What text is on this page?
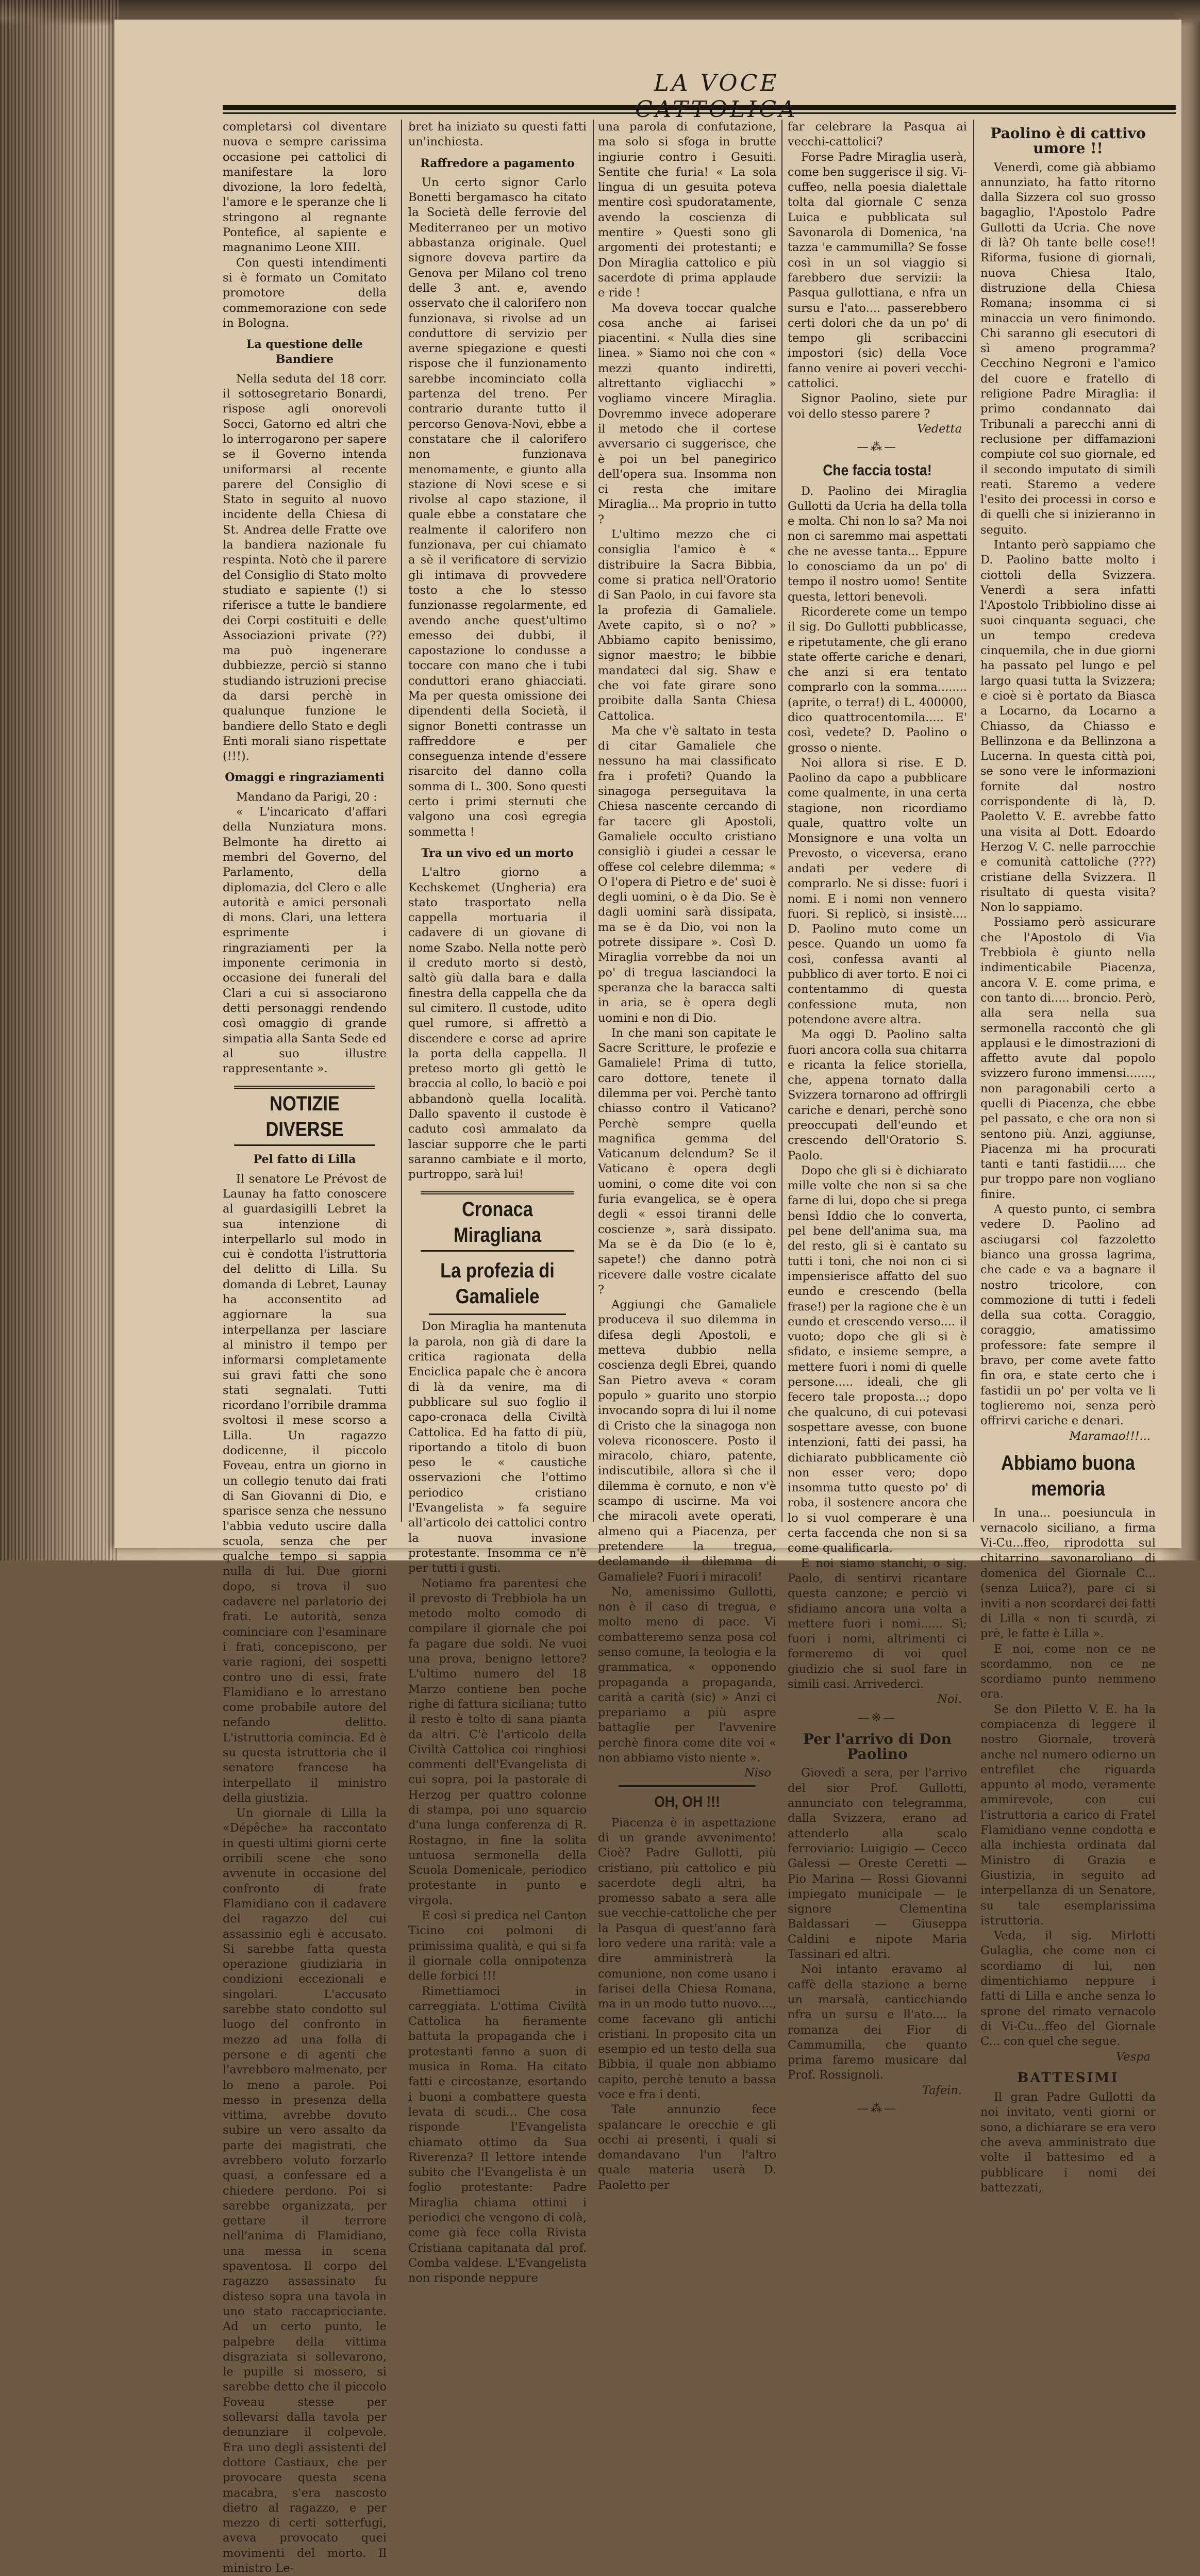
LA VOCE

completarsi col diventare nuova e sempre carissima occasione pei cattolici di manifestare la loro divozione, la loro fedeltà, l'amore e le speranze che li stringono al regnante Pontefice, al sapiente e magnanimo Leone XIII.

Con questi intendimenti si è formato un Comitato promotore della commemorazione con sede in Bologna.

La questione delle Bandiere

Nella seduta del 18 corr. il sottosegretario Bonardi, rispose agli onorevoli Socci, Gatorno ed altri che lo interrogarono per sapere se il Governo intenda uniformarsi al recente parere del Consiglio di Stato in seguito al nuovo incidente della Chiesa di St. Andrea delle Fratte ove la bandiera nazionale fu respinta. Notò che il parere del Consiglio di Stato molto studiato e sapiente (!) si riferisce a tutte le bandiere dei Corpi costituiti e delle Associazioni private (??) ma può ingenerare dubbiezze, perciò si stanno studiando istruzioni precise da darsi perchè in qualunque funzione le bandiere dello Stato e degli Enti morali siano rispettate (!!!).

Omaggi e ringraziamenti

Mandano da Parigi, 20 :

« L'incaricato d'affari della Nunziatura mons. Belmonte ha diretto ai membri del Governo, del Parlamento, della diplomazia, del Clero e alle autorità e amici personali di mons. Clari, una lettera esprimente i ringraziamenti per la imponente cerimonia in occasione dei funerali del Clari a cui si associarono detti personaggi rendendo così omaggio di grande simpatia alla Santa Sede ed al suo illustre rappresentante ».

NOTIZIE DIVERSE
Pel fatto di Lilla

Il senatore Le Prévost de Launay ha fatto conoscere al guardasigilli Lebret la sua intenzione di interpellarlo sul modo in cui è condotta l'istruttoria del delitto di Lilla. Su domanda di Lebret, Launay ha acconsentito ad aggiornare la sua interpellanza per lasciare al ministro il tempo per informarsi completamente sui gravi fatti che sono stati segnalati. Tutti ricordano l'orribile dramma svoltosi il mese scorso a Lilla. Un ragazzo dodicenne, il piccolo Foveau, entra un giorno in un collegio tenuto dai frati di San Giovanni di Dio, e sparisce senza che nessuno l'abbia veduto uscire dalla scuola, senza che per qualche tempo si sappia nulla di lui. Due giorni dopo, si trova il suo cadavere nel parlatorio dei frati. Le autorità, senza cominciare con l'esaminare i frati, concepiscono, per varie ragioni, dei sospetti contro uno di essi, frate Flamidiano e lo arrestano come probabile autore del nefando delitto. L'istruttoria comincia. Ed è su questa istruttoria che il senatore francese ha interpellato il ministro della giustizia.

Un giornale di Lilla la «Dépêche» ha raccontato in questi ultimi giorni certe orribili scene che sono avvenute in occasione del confronto di frate Flamidiano con il cadavere del ragazzo del cui assassinio egli è accusato. Si sarebbe fatta questa operazione giudiziaria in condizioni eccezionali e singolari. L'accusato sarebbe stato condotto sul luogo del confronto in mezzo ad una folla di persone e di agenti che l'avrebbero malmenato, per lo meno a parole. Poi messo in presenza della vittima, avrebbe dovuto subire un vero assalto da parte dei magistrati, che avrebbero voluto forzarlo quasi, a confessare ed a chiedere perdono. Poi si sarebbe organizzata, per gettare il terrore nell'anima di Flamidiano, una messa in scena spaventosa. Il corpo del ragazzo assassinato fu disteso sopra una tavola in uno stato raccapricciante. Ad un certo punto, le palpebre della vittima disgraziata si sollevarono, le pupille si mossero, si sarebbe detto che il piccolo Foveau stesse per sollevarsi dalla tavola per denunziare il colpevole. Era uno degli assistenti del dottore Castiaux, che per provocare questa scena macabra, s'era nascosto dietro al ragazzo, e per mezzo di certi sotterfugi, aveva provocato quei movimenti del morto. Il ministro Le-

bret ha iniziato su questi fatti un'inchiesta.

Raffredore a pagamento

Un certo signor Carlo Bonetti bergamasco ha citato la Società delle ferrovie del Mediterraneo per un motivo abbastanza originale. Quel signore doveva partire da Genova per Milano col treno delle 3 ant. e, avendo osservato che il calorifero non funzionava, si rivolse ad un conduttore di servizio per averne spiegazione e questi rispose che il funzionamento sarebbe incominciato colla partenza del treno. Per contrario durante tutto il percorso Genova-Novi, ebbe a constatare che il calorifero non funzionava menomamente, e giunto alla stazione di Novi scese e si rivolse al capo stazione, il quale ebbe a constatare che realmente il calorifero non funzionava, per cui chiamato a sè il verificatore di servizio gli intimava di provvedere tosto a che lo stesso funzionasse regolarmente, ed avendo anche quest'ultimo emesso dei dubbi, il capostazione lo condusse a toccare con mano che i tubi conduttori erano ghiacciati. Ma per questa omissione dei dipendenti della Società, il signor Bonetti contrasse un raffreddore e per conseguenza intende d'essere risarcito del danno colla somma di L. 300. Sono questi certo i primi sternuti che valgono una così egregia sommetta !

Tra un vivo ed un morto

L'altro giorno a Kechskemet (Ungheria) era stato trasportato nella cappella mortuaria il cadavere di un giovane di nome Szabo. Nella notte però il creduto morto si destò, saltò giù dalla bara e dalla finestra della cappella che da sul cimitero. Il custode, udito quel rumore, si affrettò a discendere e corse ad aprire la porta della cappella. Il preteso morto gli gettò le braccia al collo, lo baciò e poi abbandonò quella località. Dallo spavento il custode è caduto così ammalato da lasciar supporre che le parti saranno cambiate e il morto, purtroppo, sarà lui!

Cronaca Miragliana
La profezia di Gamaliele

Don Miraglia ha mantenuta la parola, non già di dare la critica ragionata della Enciclica papale che è ancora di là da venire, ma di pubblicare sul suo foglio il capo-cronaca della Civiltà Cattolica. Ed ha fatto di più, riportando a titolo di buon peso le « caustiche osservazioni che l'ottimo periodico cristiano l'Evangelista » fa seguire all'articolo dei cattolici contro la nuova invasione protestante. Insomma ce n'è per tutti i gusti.

Notiamo fra parentesi che il prevosto di Trebbiola ha un metodo molto comodo di compilare il giornale che poi fa pagare due soldi. Ne vuoi una prova, benigno lettore? L'ultimo numero del 18 Marzo contiene ben poche righe di fattura siciliana; tutto il resto è tolto di sana pianta da altri. C'è l'articolo della Civiltà Cattolica coi ringhiosi commenti dell'Evangelista di cui sopra, poi la pastorale di Herzog per quattro colonne di stampa, poi uno squarcio d'una lunga conferenza di R. Rostagno, in fine la solita untuosa sermonella della Scuola Domenicale, periodico protestante in punto e virgola.

E così si predica nel Canton Ticino coi polmoni di primissima qualità, e qui si fa il giornale colla onnipotenza delle forbici !!!

Rimettiamoci in carreggiata. L'ottima Civiltà Cattolica ha fieramente battuta la propaganda che i protestanti fanno a suon di musica in Roma. Ha citato fatti e circostanze, esortando i buoni a combattere questa levata di scudi... Che cosa risponde l'Evangelista chiamato ottimo da Sua Riverenza? Il lettore intende subito che l'Evangelista è un foglio protestante: Padre Miraglia chiama ottimi i periodici che vengono di colà, come già fece colla Rivista Cristiana capitanata dal prof. Comba valdese. L'Evangelista non risponde neppure

una parola di confutazione, ma solo si sfoga in brutte ingiurie contro i Gesuiti. Sentite che furia! « La sola lingua di un gesuita poteva mentire così spudoratamente, avendo la coscienza di mentire » Questi sono gli argomenti dei protestanti; e Don Miraglia cattolico e più sacerdote di prima applaude e ride !

Ma doveva toccar qualche cosa anche ai farisei piacentini. « Nulla dies sine linea. » Siamo noi che con « mezzi quanto indiretti, altrettanto vigliacchi » vogliamo vincere Miraglia. Dovremmo invece adoperare il metodo che il cortese avversario ci suggerisce, che è poi un bel panegirico dell'opera sua. Insomma non ci resta che imitare Miraglia... Ma proprio in tutto ?

L'ultimo mezzo che ci consiglia l'amico è « distribuire la Sacra Bibbia, come si pratica nell'Oratorio di San Paolo, in cui favore sta la profezia di Gamaliele. Avete capito, sì o no? » Abbiamo capito benissimo, signor maestro; le bibbie mandateci dal sig. Shaw e che voi fate girare sono proibite dalla Santa Chiesa Cattolica.

Ma che v'è saltato in testa di citar Gamaliele che nessuno ha mai classificato fra i profeti? Quando la sinagoga perseguitava la Chiesa nascente cercando di far tacere gli Apostoli, Gamaliele occulto cristiano consigliò i giudei a cessar le offese col celebre dilemma; « O l'opera di Pietro e de' suoi è degli uomini, o è da Dio. Se è dagli uomini sarà dissipata, ma se è da Dio, voi non la potrete dissipare ». Così D. Miraglia vorrebbe da noi un po' di tregua lasciandoci la speranza che la baracca salti in aria, se è opera degli uomini e non di Dio.

In che mani son capitate le Sacre Scritture, le profezie e Gamaliele! Prima di tutto, caro dottore, tenete il dilemma per voi. Perchè tanto chiasso contro il Vaticano? Perchè sempre quella magnifica gemma del Vaticanum delendum? Se il Vaticano è opera degli uomini, o come dite voi con furia evangelica, se è opera degli « essoi tiranni delle coscienze », sarà dissipato. Ma se è da Dio (e lo è, sapete!) che danno potrà ricevere dalle vostre cicalate ?

Aggiungi che Gamaliele produceva il suo dilemma in difesa degli Apostoli, e metteva dubbio nella coscienza degli Ebrei, quando San Pietro aveva « coram populo » guarito uno storpio invocando sopra di lui il nome di Cristo che la sinagoga non voleva riconoscere. Posto il miracolo, chiaro, patente, indiscutibile, allora sì che il dilemma è cornuto, e non v'è scampo di uscirne. Ma voi che miracoli avete operati, almeno qui a Piacenza, per pretendere la tregua, declamando il dilemma di Gamaliele? Fuori i miracoli!

No, amenissimo Gullotti, non è il caso di tregua, e molto meno di pace. Vi combatteremo senza posa col senso comune, la teologia e la grammatica, « opponendo propaganda a propaganda, carità a carità (sic) » Anzi ci prepariamo a più aspre battaglie per l'avvenire perchè finora come dite voi « non abbiamo visto niente ».

Niso
OH, OH !!!

Piacenza è in aspettazione di un grande avvenimento! Cioè? Padre Gullotti, più cristiano, più cattolico e più sacerdote degli altri, ha promesso sabato a sera alle sue vecchie-cattoliche che per la Pasqua di quest'anno farà loro vedere una rarità: vale a dire amministrerà la comunione, non come usano i farisei della Chiesa Romana, ma in un modo tutto nuovo...., come facevano gli antichi cristiani. In proposito cita un esempio ed un testo della sua Bibbia, il quale non abbiamo capito, perchè tenuto a bassa voce e fra i denti.

Tale annunzio fece spalancare le orecchie e gli occhi ai presenti, i quali si domandavano l'un l'altro quale materia userà D. Paoletto per

far celebrare la Pasqua ai vecchi-cattolici?

Forse Padre Miraglia userà, come ben suggerisce il sig. Vi-cuffeo, nella poesia dialettale tolta dal giornale C senza Luica e pubblicata sul Savonarola di Domenica, 'na tazza 'e cammumilla? Se fosse così in un sol viaggio si farebbero due servizii: la Pasqua gullottiana, e nfra un sursu e l'ato.... passerebbero certi dolori che da un po' di tempo gli scribaccini impostori (sic) della Voce fanno venire ai poveri vecchi-cattolici.

Signor Paolino, siete pur voi dello stesso parere ?

Vedetta
—⁂—
Che faccia tosta!

D. Paolino dei Miraglia Gullotti da Ucria ha della tolla e molta. Chi non lo sa? Ma noi non ci saremmo mai aspettati che ne avesse tanta... Eppure lo conosciamo da un po' di tempo il nostro uomo! Sentite questa, lettori benevoli.

Ricorderete come un tempo il sig. Do Gullotti pubblicasse, e ripetutamente, che gli erano state offerte cariche e denari, che anzi si era tentato comprarlo con la somma........ (aprite, o terra!) di L. 400000, dico quattrocentomila..... E' così, vedete? D. Paolino o grosso o niente.

Noi allora si rise. E D. Paolino da capo a pubblicare come qualmente, in una certa stagione, non ricordiamo quale, quattro volte un Monsignore e una volta un Prevosto, o viceversa, erano andati per vedere di comprarlo. Ne si disse: fuori i nomi. E i nomi non vennero fuori. Si replicò, si insistè.... D. Paolino muto come un pesce. Quando un uomo fa così, confessa avanti al pubblico di aver torto. E noi ci contentammo di questa confessione muta, non potendone avere altra.

Ma oggi D. Paolino salta fuori ancora colla sua chitarra e ricanta la felice storiella, che, appena tornato dalla Svizzera tornarono ad offrirgli cariche e denari, perchè sono preoccupati dell'eundo et crescendo dell'Oratorio S. Paolo.

Dopo che gli si è dichiarato mille volte che non si sa che farne di lui, dopo che si prega bensì Iddio che lo converta, pel bene dell'anima sua, ma del resto, gli si è cantato su tutti i toni, che noi non ci si impensierisce affatto del suo eundo e crescendo (bella frase!) per la ragione che è un eundo et crescendo verso.... il vuoto; dopo che gli si è sfidato, e insieme sempre, a mettere fuori i nomi di quelle persone..... ideali, che gli fecero tale proposta...; dopo che qualcuno, di cui potevasi sospettare avesse, con buone intenzioni, fatti dei passi, ha dichiarato pubblicamente ciò non esser vero; dopo insomma tutto questo po' di roba, il sostenere ancora che lo si vuol comperare è una certa faccenda che non si sa come qualificarla.

E noi siamo stanchi, o sig. Paolo, di sentirvi ricantare questa canzone; e perciò vi sfidiamo ancora una volta a mettere fuori i nomi...... Sì; fuori i nomi, altrimenti ci formeremo di voi quel giudizio che si suol fare in simili casi. Arrivederci.

Noi.
—※—
Per l'arrivo di Don Paolino

Giovedì a sera, per l'arrivo del sior Prof. Gullotti, annunciato con telegramma, dalla Svizzera, erano ad attenderlo alla scalo ferroviario: Luigigio — Cecco Galessi — Oreste Ceretti — Pio Marina — Rossi Giovanni impiegato municipale — le signore Clementina Baldassari — Giuseppa Caldini e nipote Maria Tassinari ed altri.

Noi intanto eravamo al caffè della stazione a berne un marsalà, canticchiando nfra un sursu e ll'ato.... la romanza dei Fior di Cammumilla, che quanto prima faremo musicare dal Prof. Rossignoli.

Tafein.
—⁂—
Paolino è di cattivo umore !!

Venerdì, come già abbiamo annunziato, ha fatto ritorno dalla Sizzera col suo grosso bagaglio, l'Apostolo Padre Gullotti da Ucria. Che nove di là? Oh tante belle cose!! Riforma, fusione di giornali, nuova Chiesa Italo, distruzione della Chiesa Romana; insomma ci si minaccia un vero finimondo. Chi saranno gli esecutori di sì ameno programma? Cecchino Negroni e l'amico del cuore e fratello di religione Padre Miraglia: il primo condannato dai Tribunali a parecchi anni di reclusione per diffamazioni compiute col suo giornale, ed il secondo imputato di simili reati. Staremo a vedere l'esito dei processi in corso e di quelli che si inizieranno in seguito.

Intanto però sappiamo che D. Paolino batte molto i ciottoli della Svizzera. Venerdì a sera infatti l'Apostolo Tribbiolino disse ai suoi cinquanta seguaci, che un tempo credeva cinquemila, che in due giorni ha passato pel lungo e pel largo quasi tutta la Svizzera; e cioè si è portato da Biasca a Locarno, da Locarno a Chiasso, da Chiasso e Bellinzona e da Bellinzona a Lucerna. In questa città poi, se sono vere le informazioni fornite dal nostro corrispondente di là, D. Paoletto V. E. avrebbe fatto una visita al Dott. Edoardo Herzog V. C. nelle parrocchie e comunità cattoliche (???) cristiane della Svizzera. Il risultato di questa visita? Non lo sappiamo.

Possiamo però assicurare che l'Apostolo di Via Trebbiola è giunto nella indimenticabile Piacenza, ancora V. E. come prima, e con tanto di..... broncio. Però, alla sera nella sua sermonella raccontò che gli applausi e le dimostrazioni di affetto avute dal popolo svizzero furono immensi......., non paragonabili certo a quelli di Piacenza, che ebbe pel passato, e che ora non si sentono più. Anzi, aggiunse, Piacenza mi ha procurati tanti e tanti fastidii..... che pur troppo pare non vogliano finire.

A questo punto, ci sembra vedere D. Paolino ad asciugarsi col fazzoletto bianco una grossa lagrima, che cade e va a bagnare il nostro tricolore, con commozione di tutti i fedeli della sua cotta. Coraggio, coraggio, amatissimo professore: fate sempre il bravo, per come avete fatto fin ora, e state certo che i fastidii un po' per volta ve li toglieremo noi, senza però offrirvi cariche e denari.

Maramao!!!...
Abbiamo buona memoria

In una... poesiuncula in vernacolo siciliano, a firma Vi-Cu...ffeo, riprodotta sul chitarrino savonaroliano di domenica del Giornale C... (senza Luica?), pare ci si inviti a non scordarci dei fatti di Lilla « non ti scurdà, zi prè, le fatte è Lilla ».

E noi, come non ce ne scordammo, non ce ne scordiamo punto nemmeno ora.

Se don Piletto V. E. ha la compiacenza di leggere il nostro Giornale, troverà anche nel numero odierno un entrefilet che riguarda appunto al modo, veramente ammirevole, con cui l'istruttoria a carico di Fratel Flamidiano venne condotta e alla inchiesta ordinata dal Ministro di Grazia e Giustizia, in seguito ad interpellanza di un Senatore, su tale esemplarissima istruttoria.

Veda, il sig. Mirlotti Gulaglia, che come non ci scordiamo di lui, non dimentichiamo neppure i fatti di Lilla e anche senza lo sprone del rimato vernacolo di Vi-Cu...ffeo del Giornale C... con quel che segue.

Vespa
BATTESIMI

Il gran Padre Gullotti da noi invitato, venti giorni or sono, a dichiarare se era vero che aveva amministrato due volte il battesimo ed a pubblicare i nomi dei battezzati,
